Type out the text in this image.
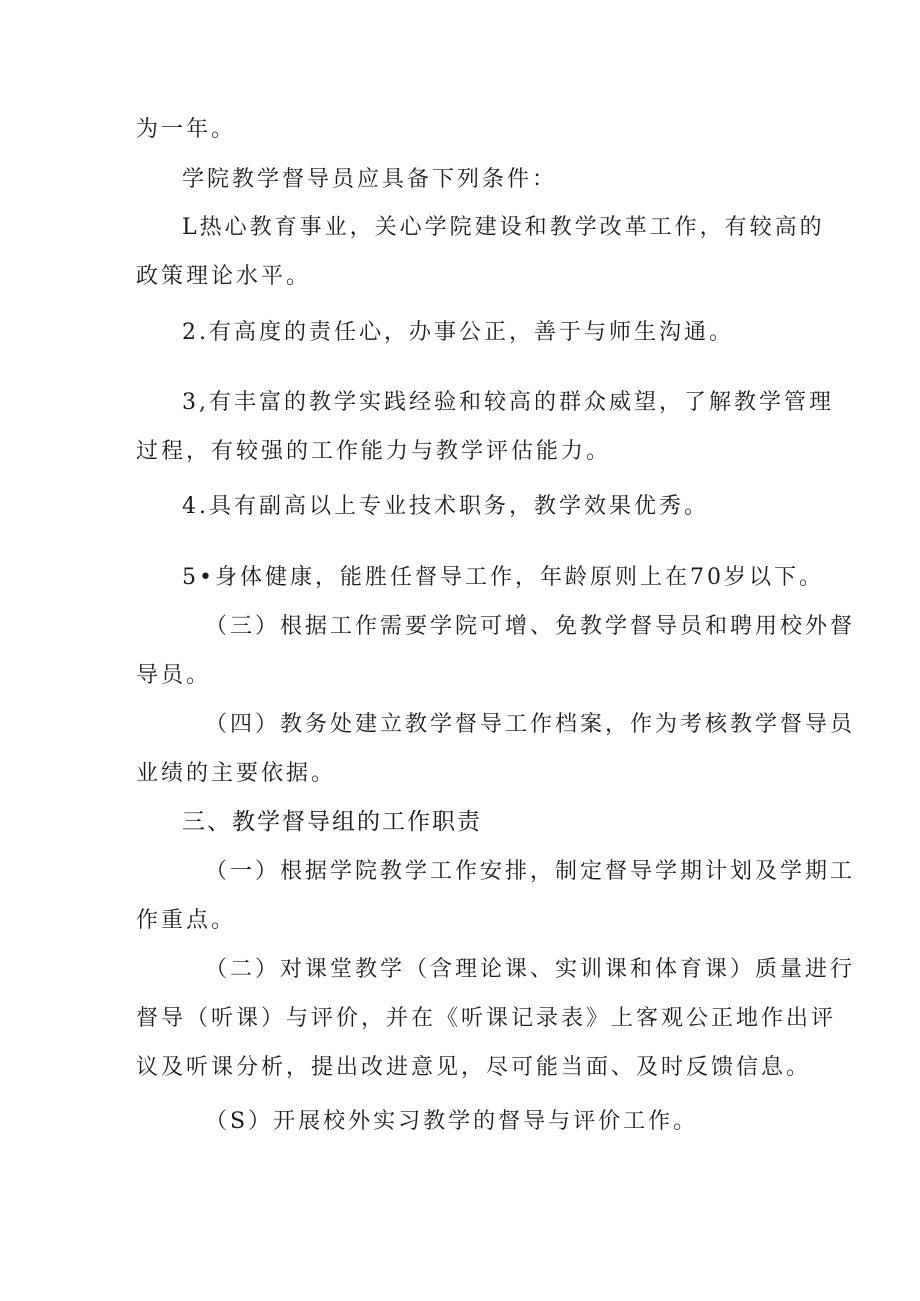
为一年。
学院教学督导员应具备下列条件：
L热心教育事业，关心学院建设和教学改革工作，有较高的
政策理论水平。
2.有高度的责任心，办事公正，善于与师生沟通。
3,有丰富的教学实践经验和较高的群众威望，了解教学管理
过程，有较强的工作能力与教学评估能力。
4.具有副高以上专业技术职务，教学效果优秀。
5•身体健康，能胜任督导工作，年龄原则上在70岁以下。
（三）根据工作需要学院可增、免教学督导员和聘用校外督
导员。
（四）教务处建立教学督导工作档案，作为考核教学督导员
业绩的主要依据。
三、教学督导组的工作职责
（一）根据学院教学工作安排，制定督导学期计划及学期工
作重点。
（二）对课堂教学（含理论课、实训课和体育课）质量进行
督导（听课）与评价，并在《听课记录表》上客观公正地作出评
议及听课分析，提出改进意见，尽可能当面、及时反馈信息。
（S）开展校外实习教学的督导与评价工作。
